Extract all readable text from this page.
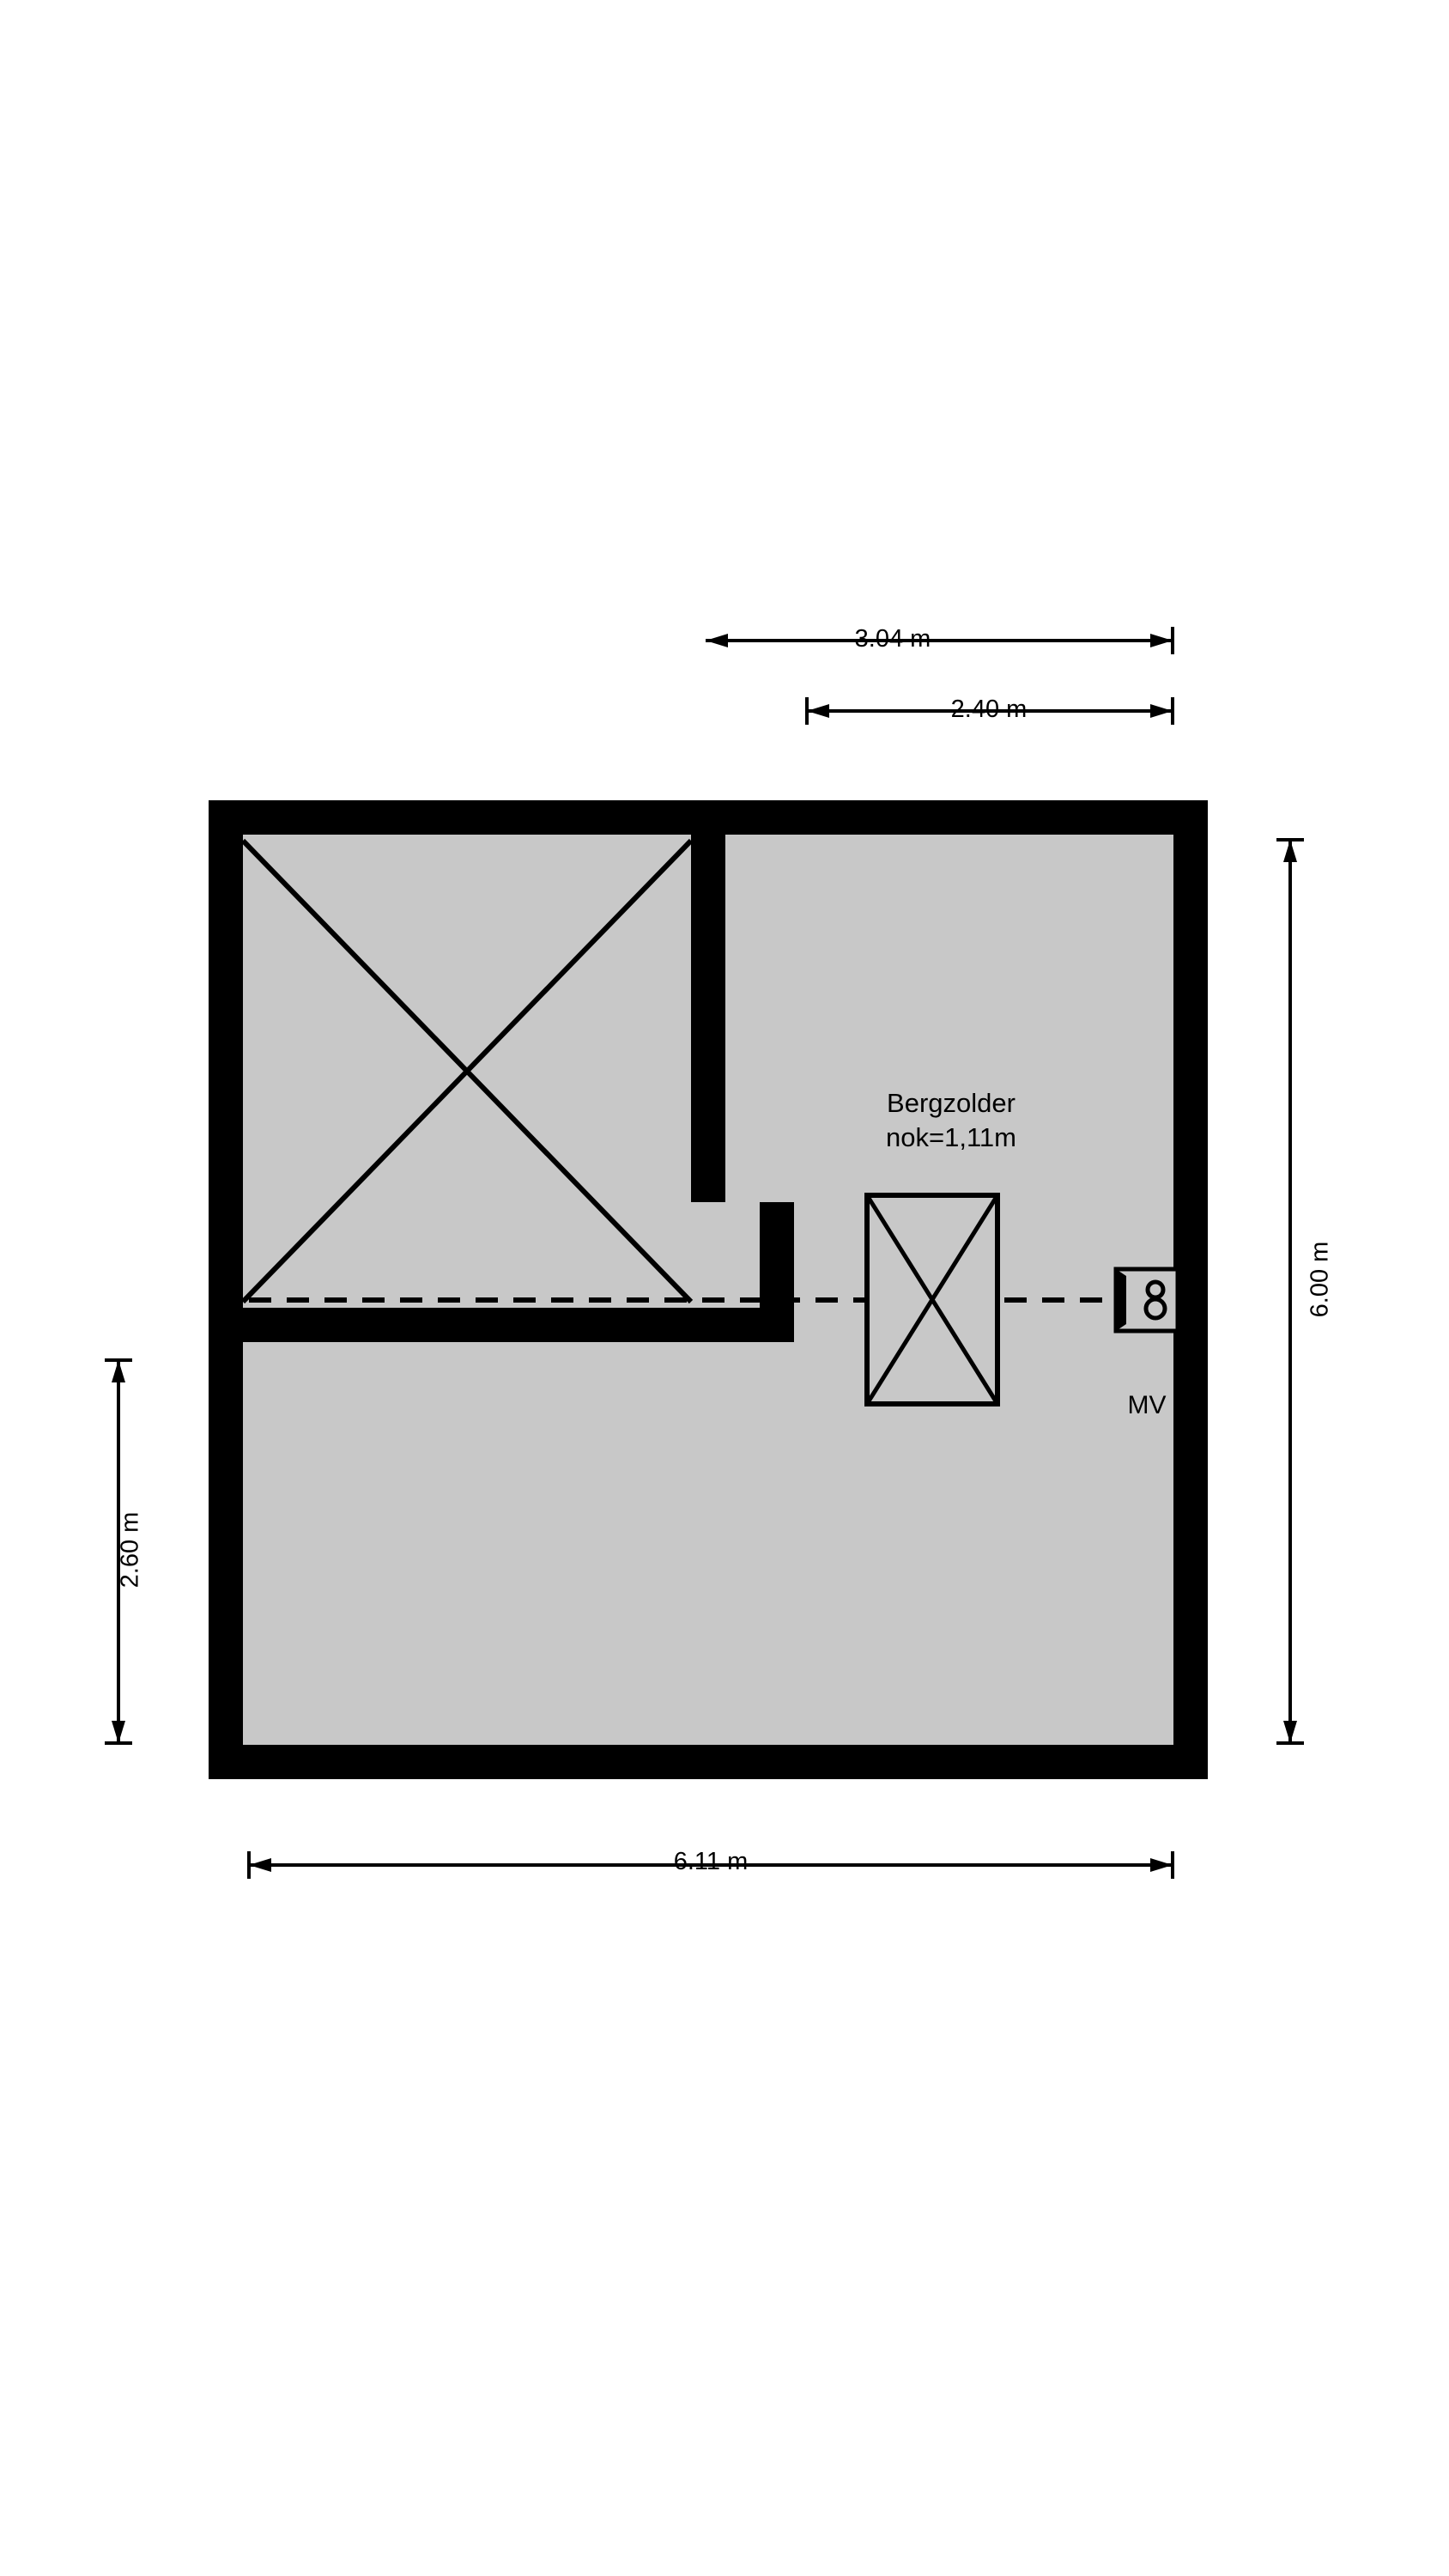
3.04 m
2.40 m
6.00 m
2.60 m
6.11 m
Bergzolder
nok=1,11m
MV
